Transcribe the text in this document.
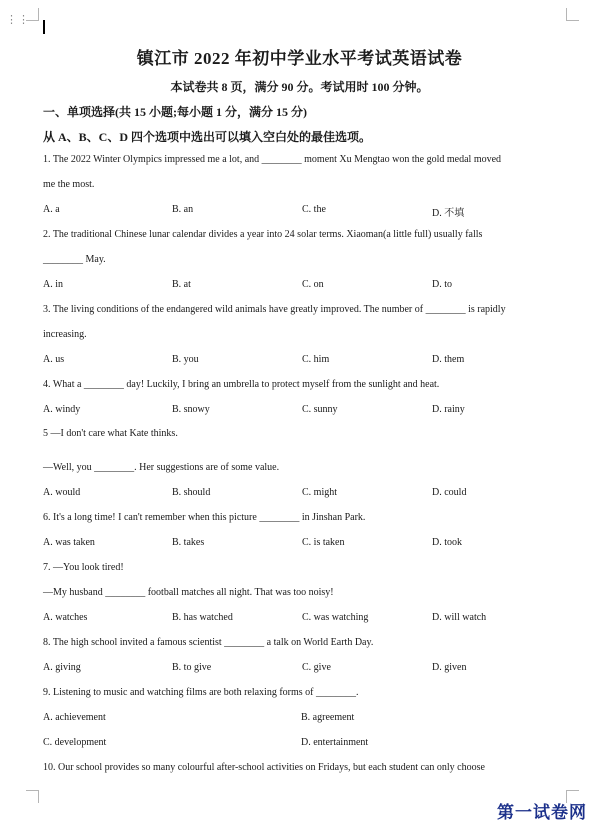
⋮⋮
镇江市 2022 年初中学业水平考试英语试卷
本试卷共 8 页，满分 90 分。考试用时 100 分钟。
一、单项选择(共 15 小题;每小题 1 分，满分 15 分)
从 A、B、C、D 四个选项中选出可以填入空白处的最佳选项。
1. The 2022 Winter Olympics impressed me a lot, and ________ moment Xu Mengtao won the gold medal moved
me the most.
A. a	B. an	C. the	D. 不填
2. The traditional Chinese lunar calendar divides a year into 24 solar terms. Xiaoman(a little full) usually falls
________ May.
A. in	B. at	C. on	D. to
3. The living conditions of the endangered wild animals have greatly improved. The number of ________ is rapidly
increasing.
A. us	B. you	C. him	D. them
4. What a ________ day! Luckily, I bring an umbrella to protect myself from the sunlight and heat.
A. windy	B. snowy	C. sunny	D. rainy
5 —I don't care what Kate thinks.
—Well, you ________. Her suggestions are of some value.
A. would	B. should	C. might	D. could
6. It's a long time! I can't remember when this picture ________ in Jinshan Park.
A. was taken	B. takes	C. is taken	D. took
7. —You look tired!
—My husband ________ football matches all night. That was too noisy!
A. watches	B. has watched	C. was watching	D. will watch
8. The high school invited a famous scientist ________ a talk on World Earth Day.
A. giving	B. to give	C. give	D. given
9. Listening to music and watching films are both relaxing forms of ________.
A. achievement	B. agreement
C. development	D. entertainment
10. Our school provides so many colourful after-school activities on Fridays, but each student can only choose
第一试卷网
